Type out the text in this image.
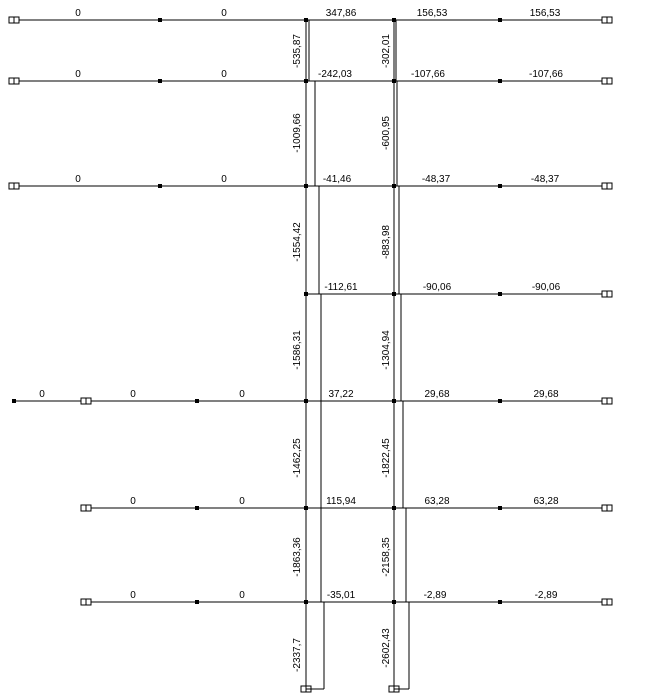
0	0	347,86	156,53	156,53
0	0	-242,03	-107,66	-107,66
0	0	-41,46	-48,37	-48,37
-112,61	-90,06	-90,06
0	0	0	37,22	29,68	29,68
0	0	115,94	63,28	63,28
0	0	-35,01	-2,89	-2,89
-535,87
-1009,66
-1554,42
-1586,31
-1462,25
-1863,36
-2337,7
-302,01
-600,95
-883,98
-1304,94
-1822,45
-2158,35
-2602,43
